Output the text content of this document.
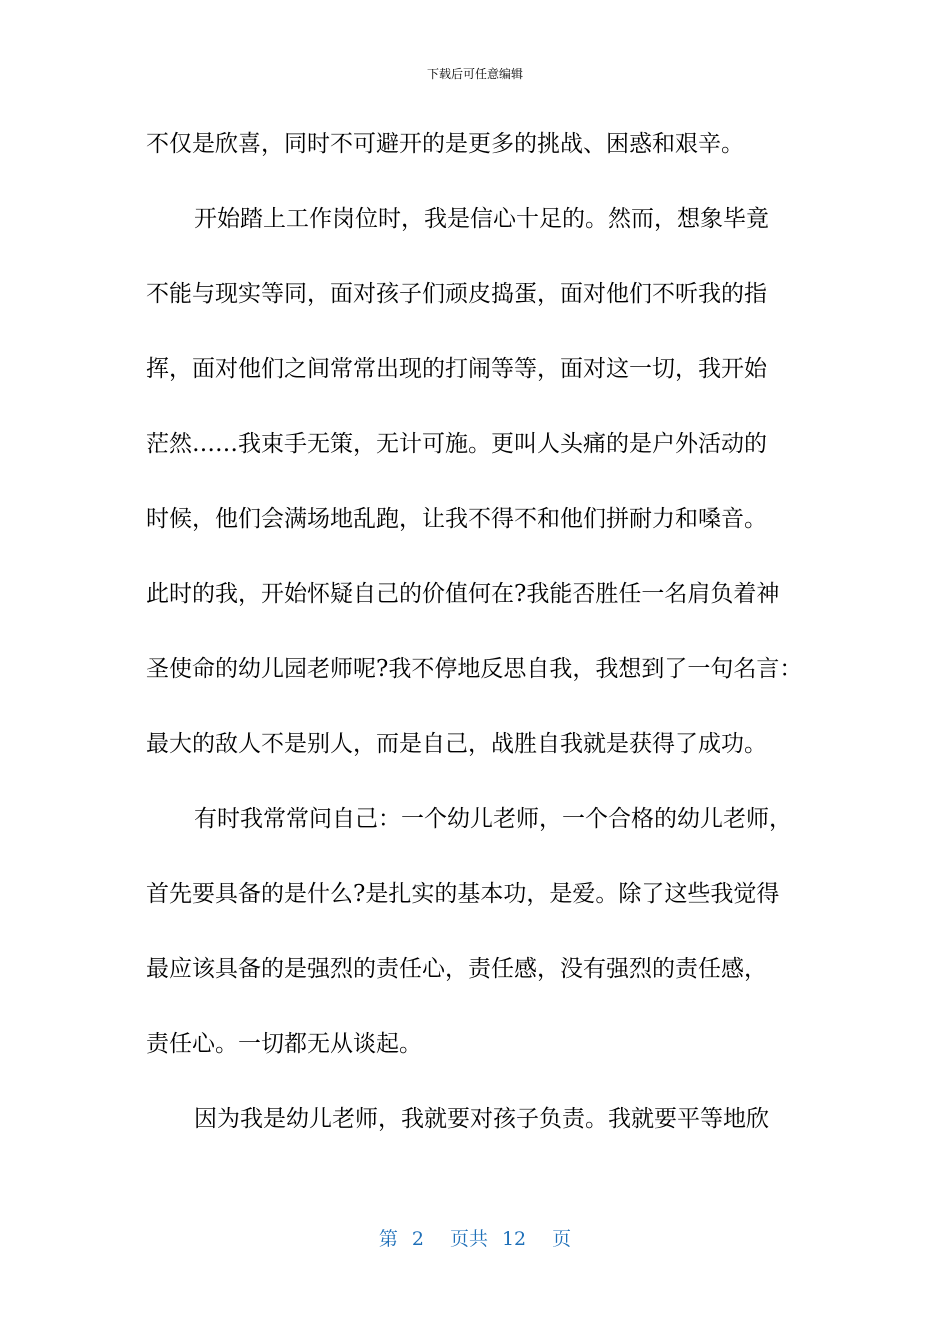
下载后可任意编辑
不仅是欣喜，同时不可避开的是更多的挑战、困惑和艰辛。
开始踏上工作岗位时，我是信心十足的。然而，想象毕竟
不能与现实等同，面对孩子们顽皮捣蛋，面对他们不听我的指
挥，面对他们之间常常出现的打闹等等，面对这一切，我开始
茫然……我束手无策，无计可施。更叫人头痛的是户外活动的
时候，他们会满场地乱跑，让我不得不和他们拼耐力和嗓音。
此时的我，开始怀疑自己的价值何在?我能否胜任一名肩负着神
圣使命的幼儿园老师呢?我不停地反思自我，我想到了一句名言：
最大的敌人不是别人，而是自己，战胜自我就是获得了成功。
有时我常常问自己：一个幼儿老师，一个合格的幼儿老师，
首先要具备的是什么?是扎实的基本功，是爱。除了这些我觉得
最应该具备的是强烈的责任心，责任感，没有强烈的责任感，
责任心。一切都无从谈起。
因为我是幼儿老师，我就要对孩子负责。我就要平等地欣
第 2 页共 12 页
